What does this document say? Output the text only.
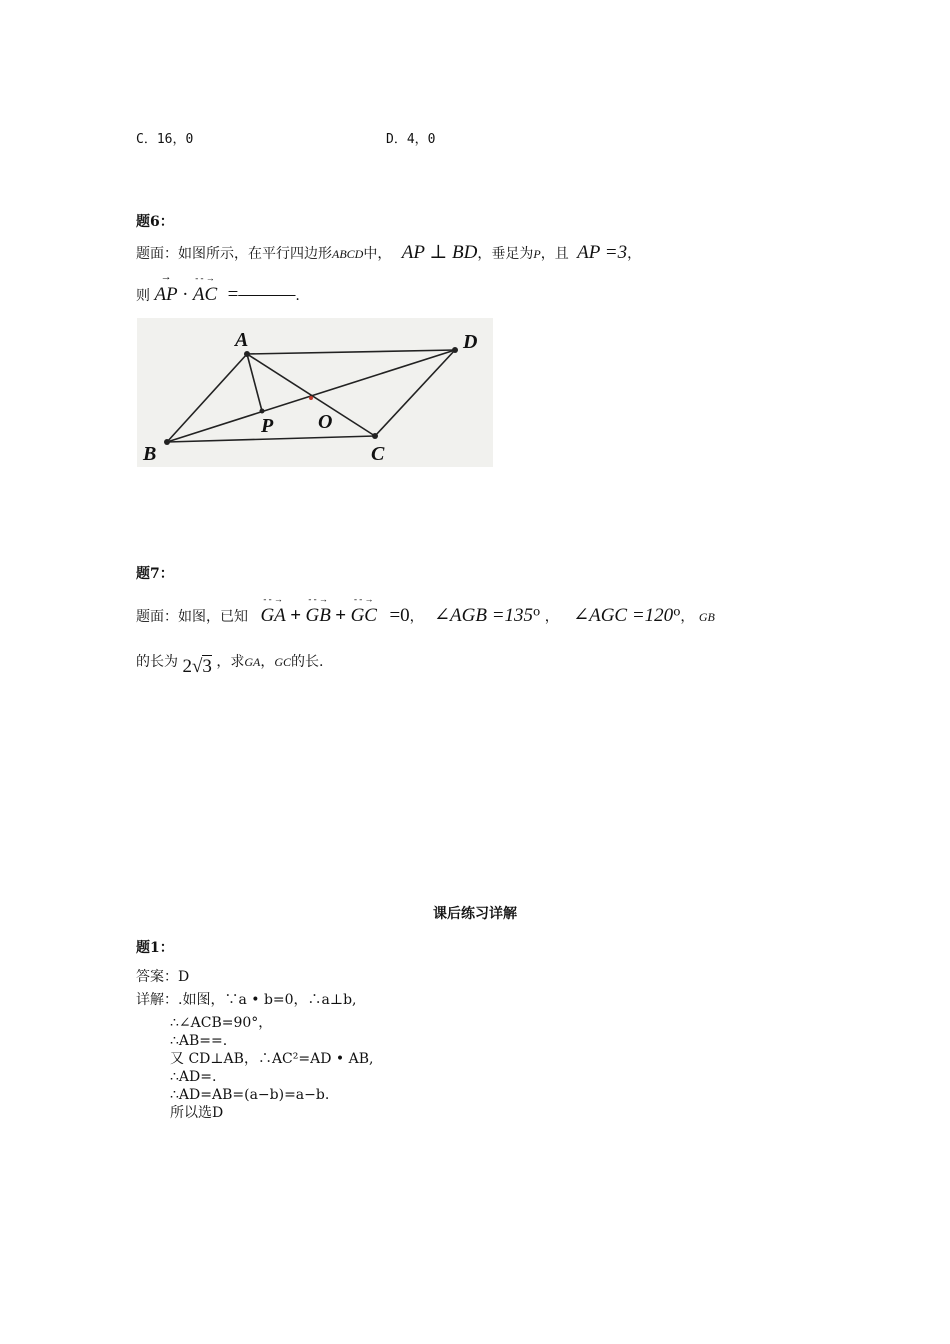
C．16，0	D．4，0
题6：
题面：如图所示，在平行四边形ABCD中， AP ⊥ BD，垂足为P，且 AP =3，
则 → AP · - - → AC =———.
A	D
B	C
P O
题7：
题面：如图，已知 - - → GA + - - → GB + - - → GC =0， ∠AGB $=135^o$ ， ∠AGC $=120^o$， GB
的长为 2√3 ，求GA，GC的长.
课后练习详解
题1：
答案：D
详解：.如图，∵a • b=0，∴a⊥b,
∴∠ACB=90°，
∴AB==.
又 CD⊥AB，∴AC²=AD • AB,
∴AD=.
∴AD=AB=(a−b)=a−b.
所以选D
